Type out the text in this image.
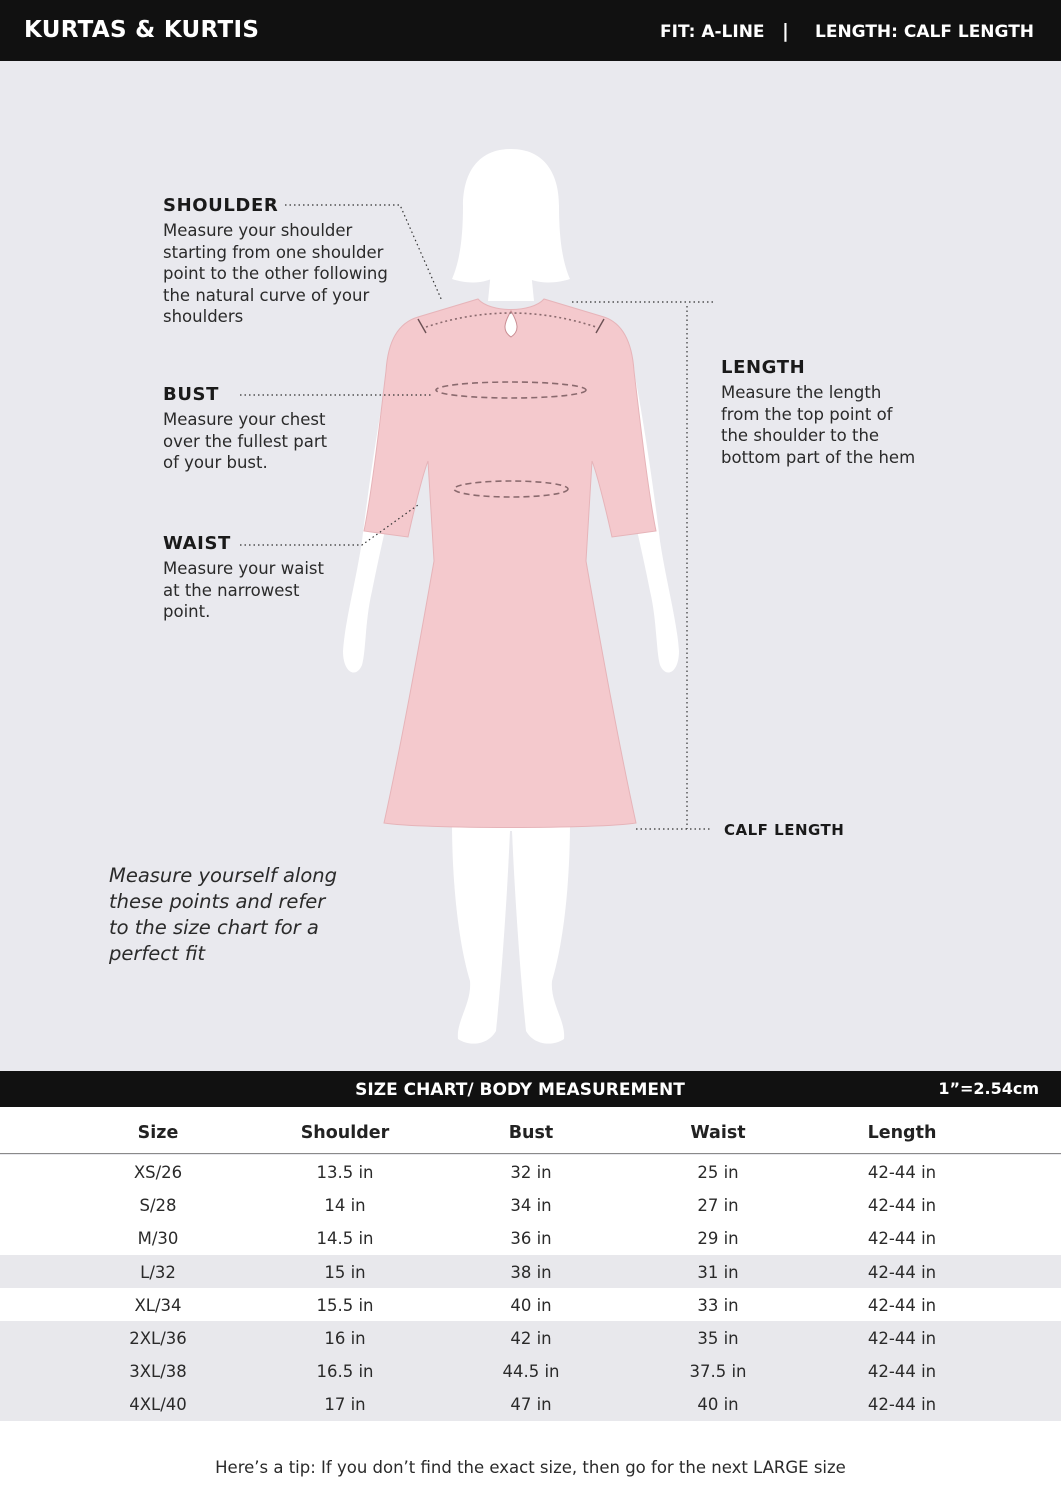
KURTAS & KURTIS	FIT: A-LINE | LENGTH: CALF LENGTH
SHOULDER
Measure your shoulder
starting from one shoulder
point to the other following
the natural curve of your
shoulders
BUST
Measure your chest
over the fullest part
of your bust.
WAIST
Measure your waist
at the narrowest
point.
LENGTH
Measure the length
from the top point of
the shoulder to the
bottom part of the hem
CALF LENGTH
Measure yourself along
these points and refer
to the size chart for a
perfect fit
SIZE CHART/ BODY MEASUREMENT	1”=2.54cm
Size	Shoulder	Bust	Waist	Length
XS/26	13.5 in	32 in	25 in	42-44 in
S/28	14 in	34 in	27 in	42-44 in
M/30	14.5 in	36 in	29 in	42-44 in
L/32	15 in	38 in	31 in	42-44 in
XL/34	15.5 in	40 in	33 in	42-44 in
2XL/36	16 in	42 in	35 in	42-44 in
3XL/38	16.5 in	44.5 in	37.5 in	42-44 in
4XL/40	17 in	47 in	40 in	42-44 in
Here’s a tip: If you don’t find the exact size, then go for the next LARGE size
